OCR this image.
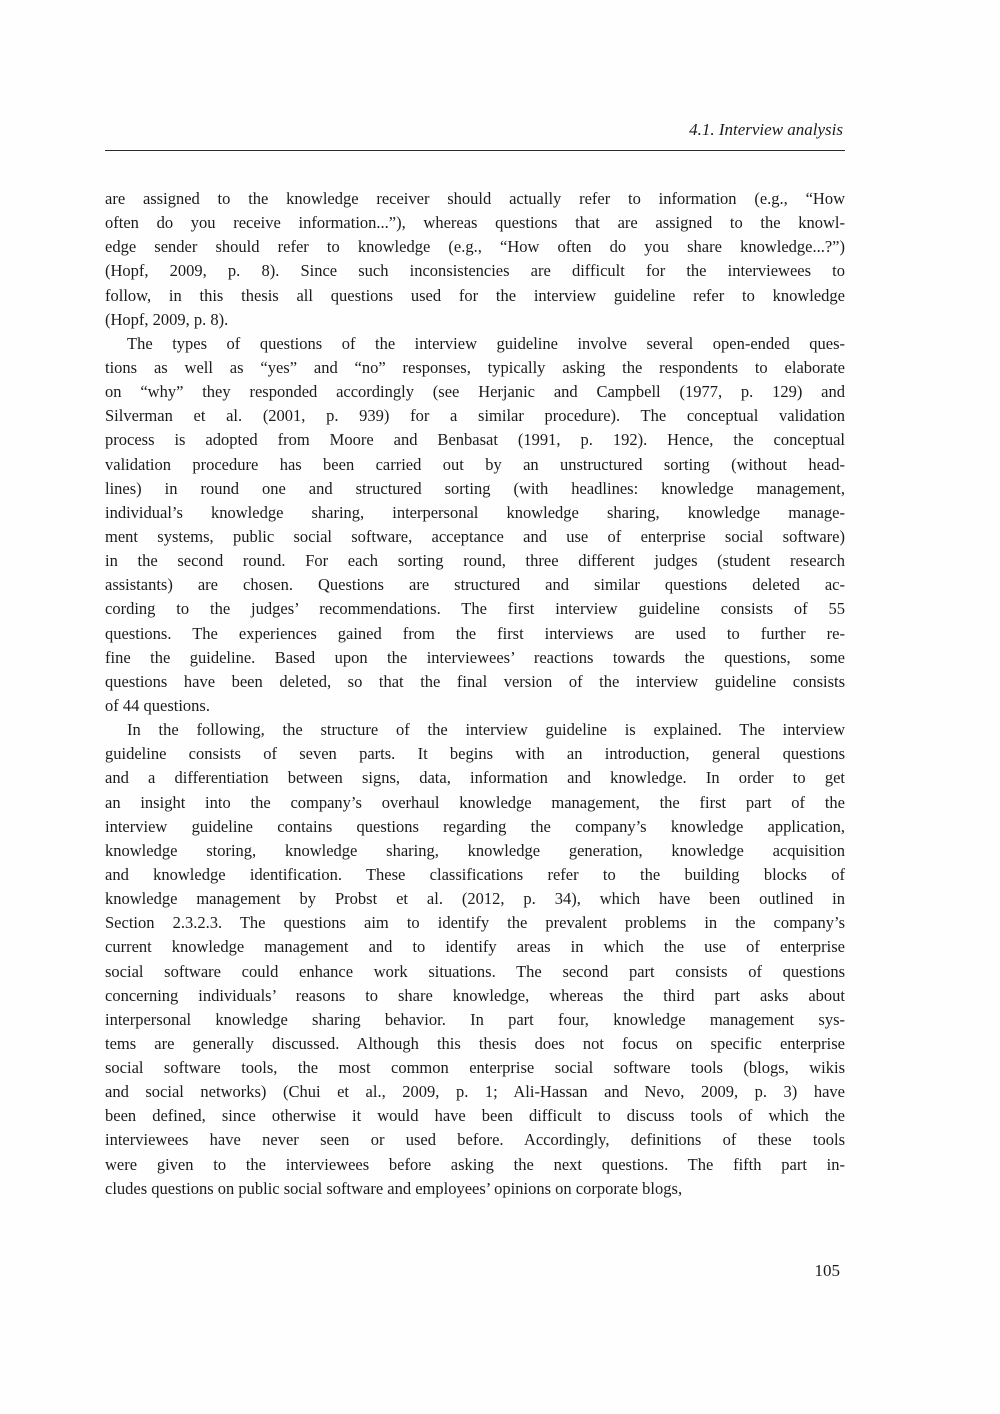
4.1. Interview analysis
are assigned to the knowledge receiver should actually refer to information (e.g., “How
often do you receive information...”), whereas questions that are assigned to the knowl-
edge sender should refer to knowledge (e.g., “How often do you share knowledge...?”)
(Hopf, 2009, p. 8). Since such inconsistencies are difficult for the interviewees to
follow, in this thesis all questions used for the interview guideline refer to knowledge
(Hopf, 2009, p. 8).
The types of questions of the interview guideline involve several open-ended ques-
tions as well as “yes” and “no” responses, typically asking the respondents to elaborate
on “why” they responded accordingly (see Herjanic and Campbell (1977, p. 129) and
Silverman et al. (2001, p. 939) for a similar procedure). The conceptual validation
process is adopted from Moore and Benbasat (1991, p. 192). Hence, the conceptual
validation procedure has been carried out by an unstructured sorting (without head-
lines) in round one and structured sorting (with headlines: knowledge management,
individual’s knowledge sharing, interpersonal knowledge sharing, knowledge manage-
ment systems, public social software, acceptance and use of enterprise social software)
in the second round. For each sorting round, three different judges (student research
assistants) are chosen. Questions are structured and similar questions deleted ac-
cording to the judges’ recommendations. The first interview guideline consists of 55
questions. The experiences gained from the first interviews are used to further re-
fine the guideline. Based upon the interviewees’ reactions towards the questions, some
questions have been deleted, so that the final version of the interview guideline consists
of 44 questions.
In the following, the structure of the interview guideline is explained. The interview
guideline consists of seven parts. It begins with an introduction, general questions
and a differentiation between signs, data, information and knowledge. In order to get
an insight into the company’s overhaul knowledge management, the first part of the
interview guideline contains questions regarding the company’s knowledge application,
knowledge storing, knowledge sharing, knowledge generation, knowledge acquisition
and knowledge identification. These classifications refer to the building blocks of
knowledge management by Probst et al. (2012, p. 34), which have been outlined in
Section 2.3.2.3. The questions aim to identify the prevalent problems in the company’s
current knowledge management and to identify areas in which the use of enterprise
social software could enhance work situations. The second part consists of questions
concerning individuals’ reasons to share knowledge, whereas the third part asks about
interpersonal knowledge sharing behavior. In part four, knowledge management sys-
tems are generally discussed. Although this thesis does not focus on specific enterprise
social software tools, the most common enterprise social software tools (blogs, wikis
and social networks) (Chui et al., 2009, p. 1; Ali-Hassan and Nevo, 2009, p. 3) have
been defined, since otherwise it would have been difficult to discuss tools of which the
interviewees have never seen or used before. Accordingly, definitions of these tools
were given to the interviewees before asking the next questions. The fifth part in-
cludes questions on public social software and employees’ opinions on corporate blogs,
105
